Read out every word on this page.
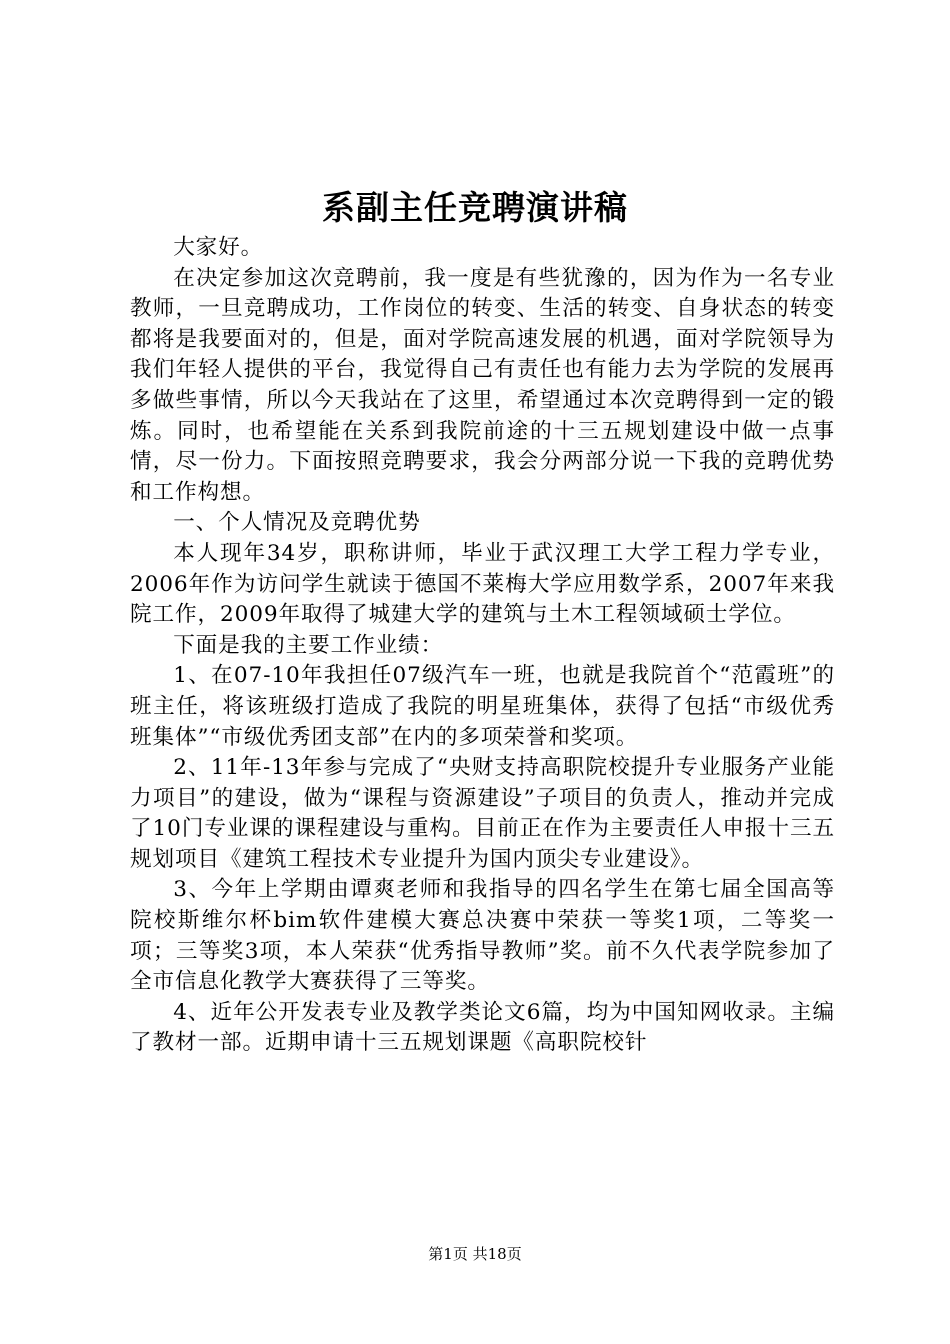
系副主任竞聘演讲稿

大家好。

在决定参加这次竞聘前，我一度是有些犹豫的，因为作为一名专业教师，一旦竞聘成功，工作岗位的转变、生活的转变、自身状态的转变都将是我要面对的，但是，面对学院高速发展的机遇，面对学院领导为我们年轻人提供的平台，我觉得自己有责任也有能力去为学院的发展再多做些事情，所以今天我站在了这里，希望通过本次竞聘得到一定的锻炼。同时，也希望能在关系到我院前途的十三五规划建设中做一点事情，尽一份力。下面按照竞聘要求，我会分两部分说一下我的竞聘优势和工作构想。

一、个人情况及竞聘优势

本人现年34岁，职称讲师，毕业于武汉理工大学工程力学专业，2006年作为访问学生就读于德国不莱梅大学应用数学系，2007年来我院工作，2009年取得了城建大学的建筑与土木工程领域硕士学位。

下面是我的主要工作业绩：

1、在07-10年我担任07级汽车一班，也就是我院首个“范霞班”的班主任，将该班级打造成了我院的明星班集体，获得了包括“市级优秀班集体”“市级优秀团支部”在内的多项荣誉和奖项。

2、11年-13年参与完成了“央财支持高职院校提升专业服务产业能力项目”的建设，做为“课程与资源建设”子项目的负责人，推动并完成了10门专业课的课程建设与重构。目前正在作为主要责任人申报十三五规划项目《建筑工程技术专业提升为国内顶尖专业建设》。

3、今年上学期由谭爽老师和我指导的四名学生在第七届全国高等院校斯维尔杯bim软件建模大赛总决赛中荣获一等奖1项，二等奖一项；三等奖3项，本人荣获“优秀指导教师”奖。前不久代表学院参加了全市信息化教学大赛获得了三等奖。

4、近年公开发表专业及教学类论文6篇，均为中国知网收录。主编了教材一部。近期申请十三五规划课题《高职院校针

第1页 共18页
